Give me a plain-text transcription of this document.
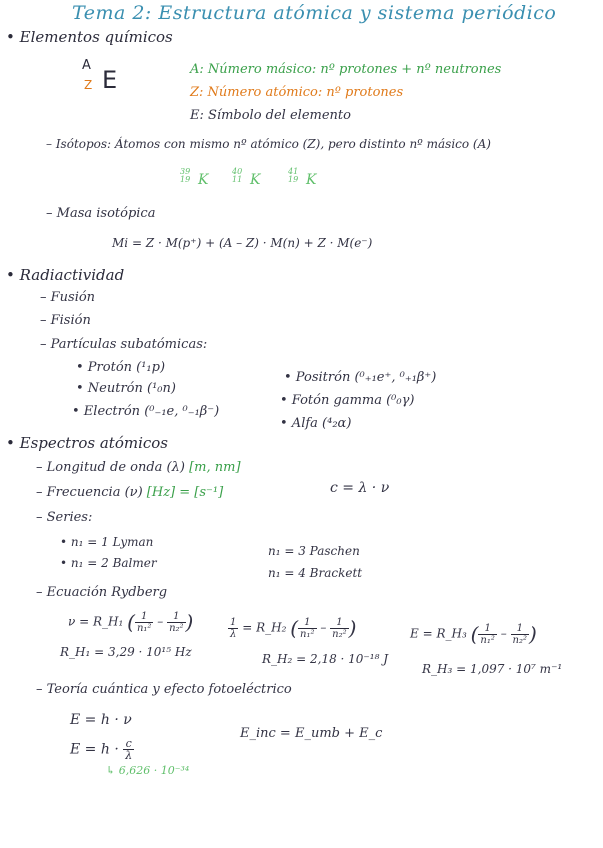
Tema 2: Estructura atómica y sistema periódico
• Elementos químicos
A
Z E	A: Número másico: nº protones + nº neutrones
Z: Número atómico: nº protones
E: Símbolo del elemento
– Isótopos: Átomos con mismo nº atómico (Z), pero distinto nº másico (A)
39
19 K
40
11 K
41
19 K
– Masa isotópica
Mi = Z · M(p⁺) + (A – Z) · M(n) + Z · M(e⁻)
• Radiactividad
– Fusión
– Fisión
– Partículas subatómicas:
• Protón (¹₁p)
• Neutrón (¹₀n)
• Electrón (⁰₋₁e, ⁰₋₁β⁻)
• Positrón (⁰₊₁e⁺, ⁰₊₁β⁺)
• Fotón gamma (⁰₀γ)
• Alfa (⁴₂α)
• Espectros atómicos
– Longitud de onda (λ) [m, nm]
– Frecuencia (ν) [Hz] = [s⁻¹]	c = λ · ν
– Series:
• n₁ = 1 Lyman
• n₁ = 2 Balmer
n₁ = 3 Paschen
n₁ = 4 Brackett
– Ecuación Rydberg
ν = R_H₁ ( $\frac{1}{\text{n₁²}} - \frac{1}{\text{n₂²}}$ )
R_H₁ = 3,29 · 10¹⁵ Hz
$\frac{1}{\lambda}$ = R_H₂ ( $\frac{1}{\text{n₁²}} - \frac{1}{\text{n₂²}}$ )
R_H₂ = 2,18 · 10⁻¹⁸ J
E = R_H₃ ( $\frac{1}{\text{n₁²}} - \frac{1}{\text{n₂²}}$ )
R_H₃ = 1,097 · 10⁷ m⁻¹
– Teoría cuántica y efecto fotoeléctrico
E = h · ν
$E = h \cdot \frac{c}{\lambda}$
↳ 6,626 · 10⁻³⁴
E_inc = E_umb + E_c
